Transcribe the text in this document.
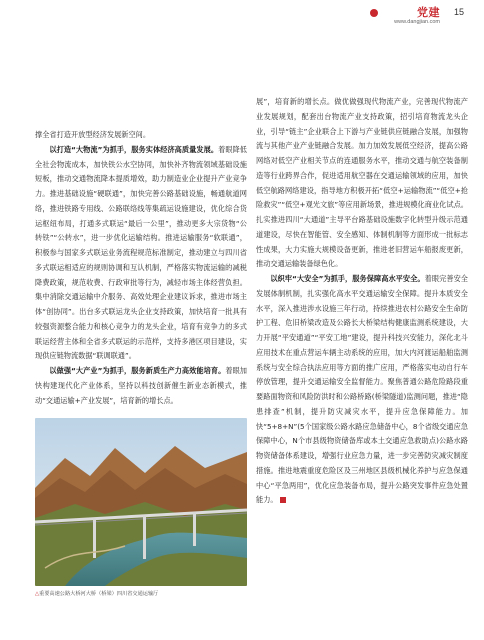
党建
www.dangjian.com
15

撑全省打造开放型经济发展新空间。

以打造“大物流”为抓手，服务实体经济高质量发展。着眼降低全社会物流成本，加快铁公水空协同，加快补齐物流领域基础设施短板，推动交通物流降本提质增效，助力制造业企业提升产业竞争力。推进基础设施“硬联通”，加快完善公路基础设施，畅通航道网络，推进铁路专用线、公路联络线等集疏运设施建设，优化综合货运枢纽布局，打通多式联运“最后一公里”，推动更多大宗货物“公转铁”“公转水”，进一步优化运输结构。推进运输服务“软联通”，积极参与国家多式联运业务流程规范标准制定，推动建立与四川省多式联运相适应的规则协调和互认机制，严格落实物流运输的减税降费政策，规范收费、行政审批等行为，减轻市场主体经营负担。集中消除交通运输中介服务、高效处理企业建议诉求，推进市场主体“创协同”。出台多式联运龙头企业支持政策，加快培育一批具有较强资源整合能力和核心竞争力的龙头企业，培育有竞争力的多式联运经营主体和全省多式联运的示范样，支持多港区项目建设，实现供应链物流数据“联调联通”。

以做强“大产业”为抓手，服务新质生产力高效能培育。着眼加快构建现代化产业体系，坚持以科技创新催生新业态新模式，推动“交通运输+产业发展”，培育新的增长点。

△重要高速公路大桥河大桥（桥梁）四川省交通运输厅

展”，培育新的增长点。做优做强现代物流产业，完善现代物流产业发展规划，配套出台物流产业支持政策，招引培育物流龙头企业，引导“链主”企业联合上下游与产业链供应链融合发展，加强物流与其他产业产业链融合发展。加力加效发展低空经济，提高公路网络对低空产业相关节点的连通服务水平，推动交通与航空装备制造等行业跨界合作，促进适用航空器在交通运输领域的应用，加快低空航路网络建设，指导地方积极开拓“低空+运输物流”“低空+抢险救灾”“低空+观光文旅”等应用新场景，推进规模化商业化试点。扎实推进四川“大通道”主导平台路基础设施数字化转型升级示范通道建设，尽快在智能管、安全感知、体制机制等方面形成一批标志性成果，大力实施大规模设备更新，推进老旧营运车船报废更新，推动交通运输装备绿色化。

以织牢“大安全”为抓手，服务保障高水平安全。着眼完善安全发展体制机制，扎实强化高水平交通运输安全保障。提升本质安全水平，深入推进涉水设施三年行动，持续推进农村公路安全生命防护工程、危旧桥梁改造及公路长大桥梁结构健康监测系统建设，大力开展“平安通道”“平安工地”建设，提升科技兴安能力，深化北斗应用技术在重点营运车辆主动系统的应用，加大内河渡运船舶监测系统与安全综合执法应用等方面的推广应用，严格落实电动自行车停放管理，提升交通运输安全监督能力。聚焦普通公路危险路段重要路面物资和风险防洪时和公路桥路(桥梁隧道)监测问题，推进“隐患排查”机制，提升防灾减灾水平，提升应急保障能力。加快“5+8+N”(5个国家级公路水路应急储备中心，8个省级交通应急保障中心，N个市县级物资储备库或本土交通应急救助点)公路水路物资储备体系建设，增强行业应急力量，进一步完善防灾减灾制度措施。推进地震重度危险区及三州地区县级机械化养护与应急保通中心“平急两用”，优化应急装备布局，提升公路突发事件应急处置能力。
